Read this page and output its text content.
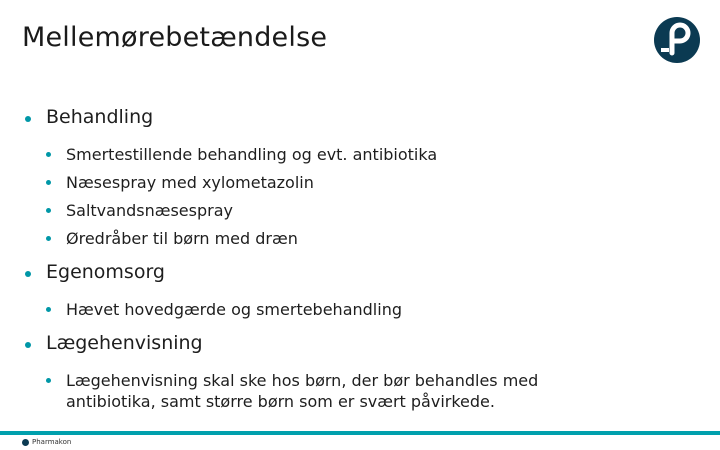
Mellemørebetændelse
Behandling
Smertestillende behandling og evt. antibiotika
Næsespray med xylometazolin
Saltvandsnæsespray
Øredråber til børn med dræn
Egenomsorg
Hævet hovedgærde og smertebehandling
Lægehenvisning
Lægehenvisning skal ske hos børn, der bør behandles med antibiotika, samt større børn som er svært påvirkede.
Pharmakon
